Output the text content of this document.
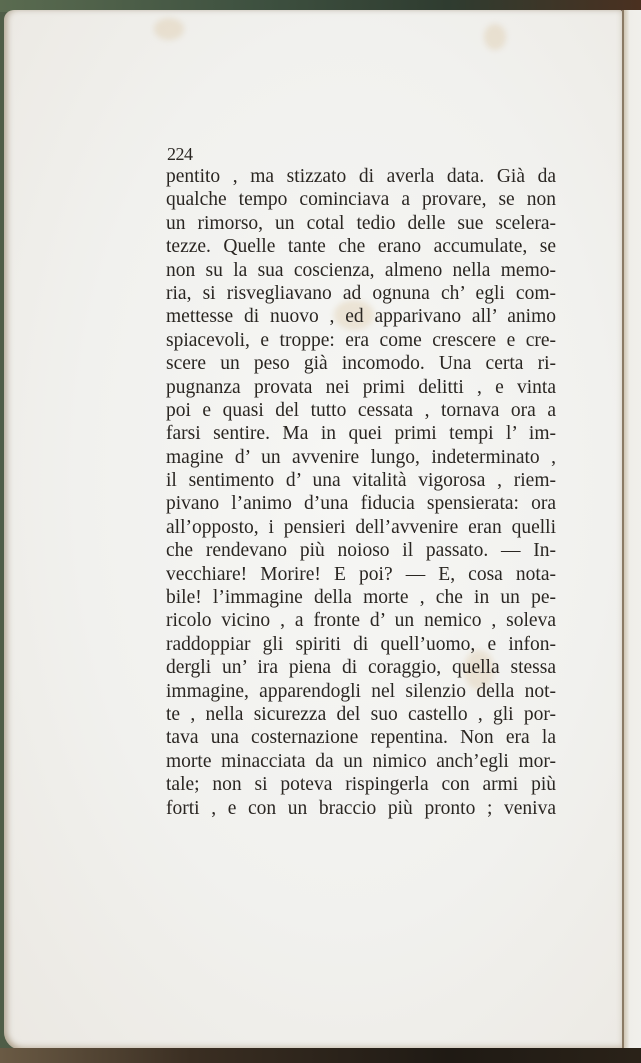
224
pentito , ma stizzato di averla data. Già da
qualche tempo cominciava a provare, se non
un rimorso, un cotal tedio delle sue scelera-
tezze. Quelle tante che erano accumulate, se
non su la sua coscienza, almeno nella memo-
ria, si risvegliavano ad ognuna ch’ egli com-
mettesse di nuovo , ed apparivano all’ animo
spiacevoli, e troppe: era come crescere e cre-
scere un peso già incomodo. Una certa ri-
pugnanza provata nei primi delitti , e vinta
poi e quasi del tutto cessata , tornava ora a
farsi sentire. Ma in quei primi tempi l’ im-
magine d’ un avvenire lungo, indeterminato ,
il sentimento d’ una vitalità vigorosa , riem-
pivano l’animo d’una fiducia spensierata: ora
all’opposto, i pensieri dell’avvenire eran quelli
che rendevano più noioso il passato. — In-
vecchiare! Morire! E poi? — E, cosa nota-
bile! l’immagine della morte , che in un pe-
ricolo vicino , a fronte d’ un nemico , soleva
raddoppiar gli spiriti di quell’uomo, e infon-
dergli un’ ira piena di coraggio, quella stessa
immagine, apparendogli nel silenzio della not-
te , nella sicurezza del suo castello , gli por-
tava una costernazione repentina. Non era la
morte minacciata da un nimico anch’egli mor-
tale; non si poteva rispingerla con armi più
forti , e con un braccio più pronto ; veniva
